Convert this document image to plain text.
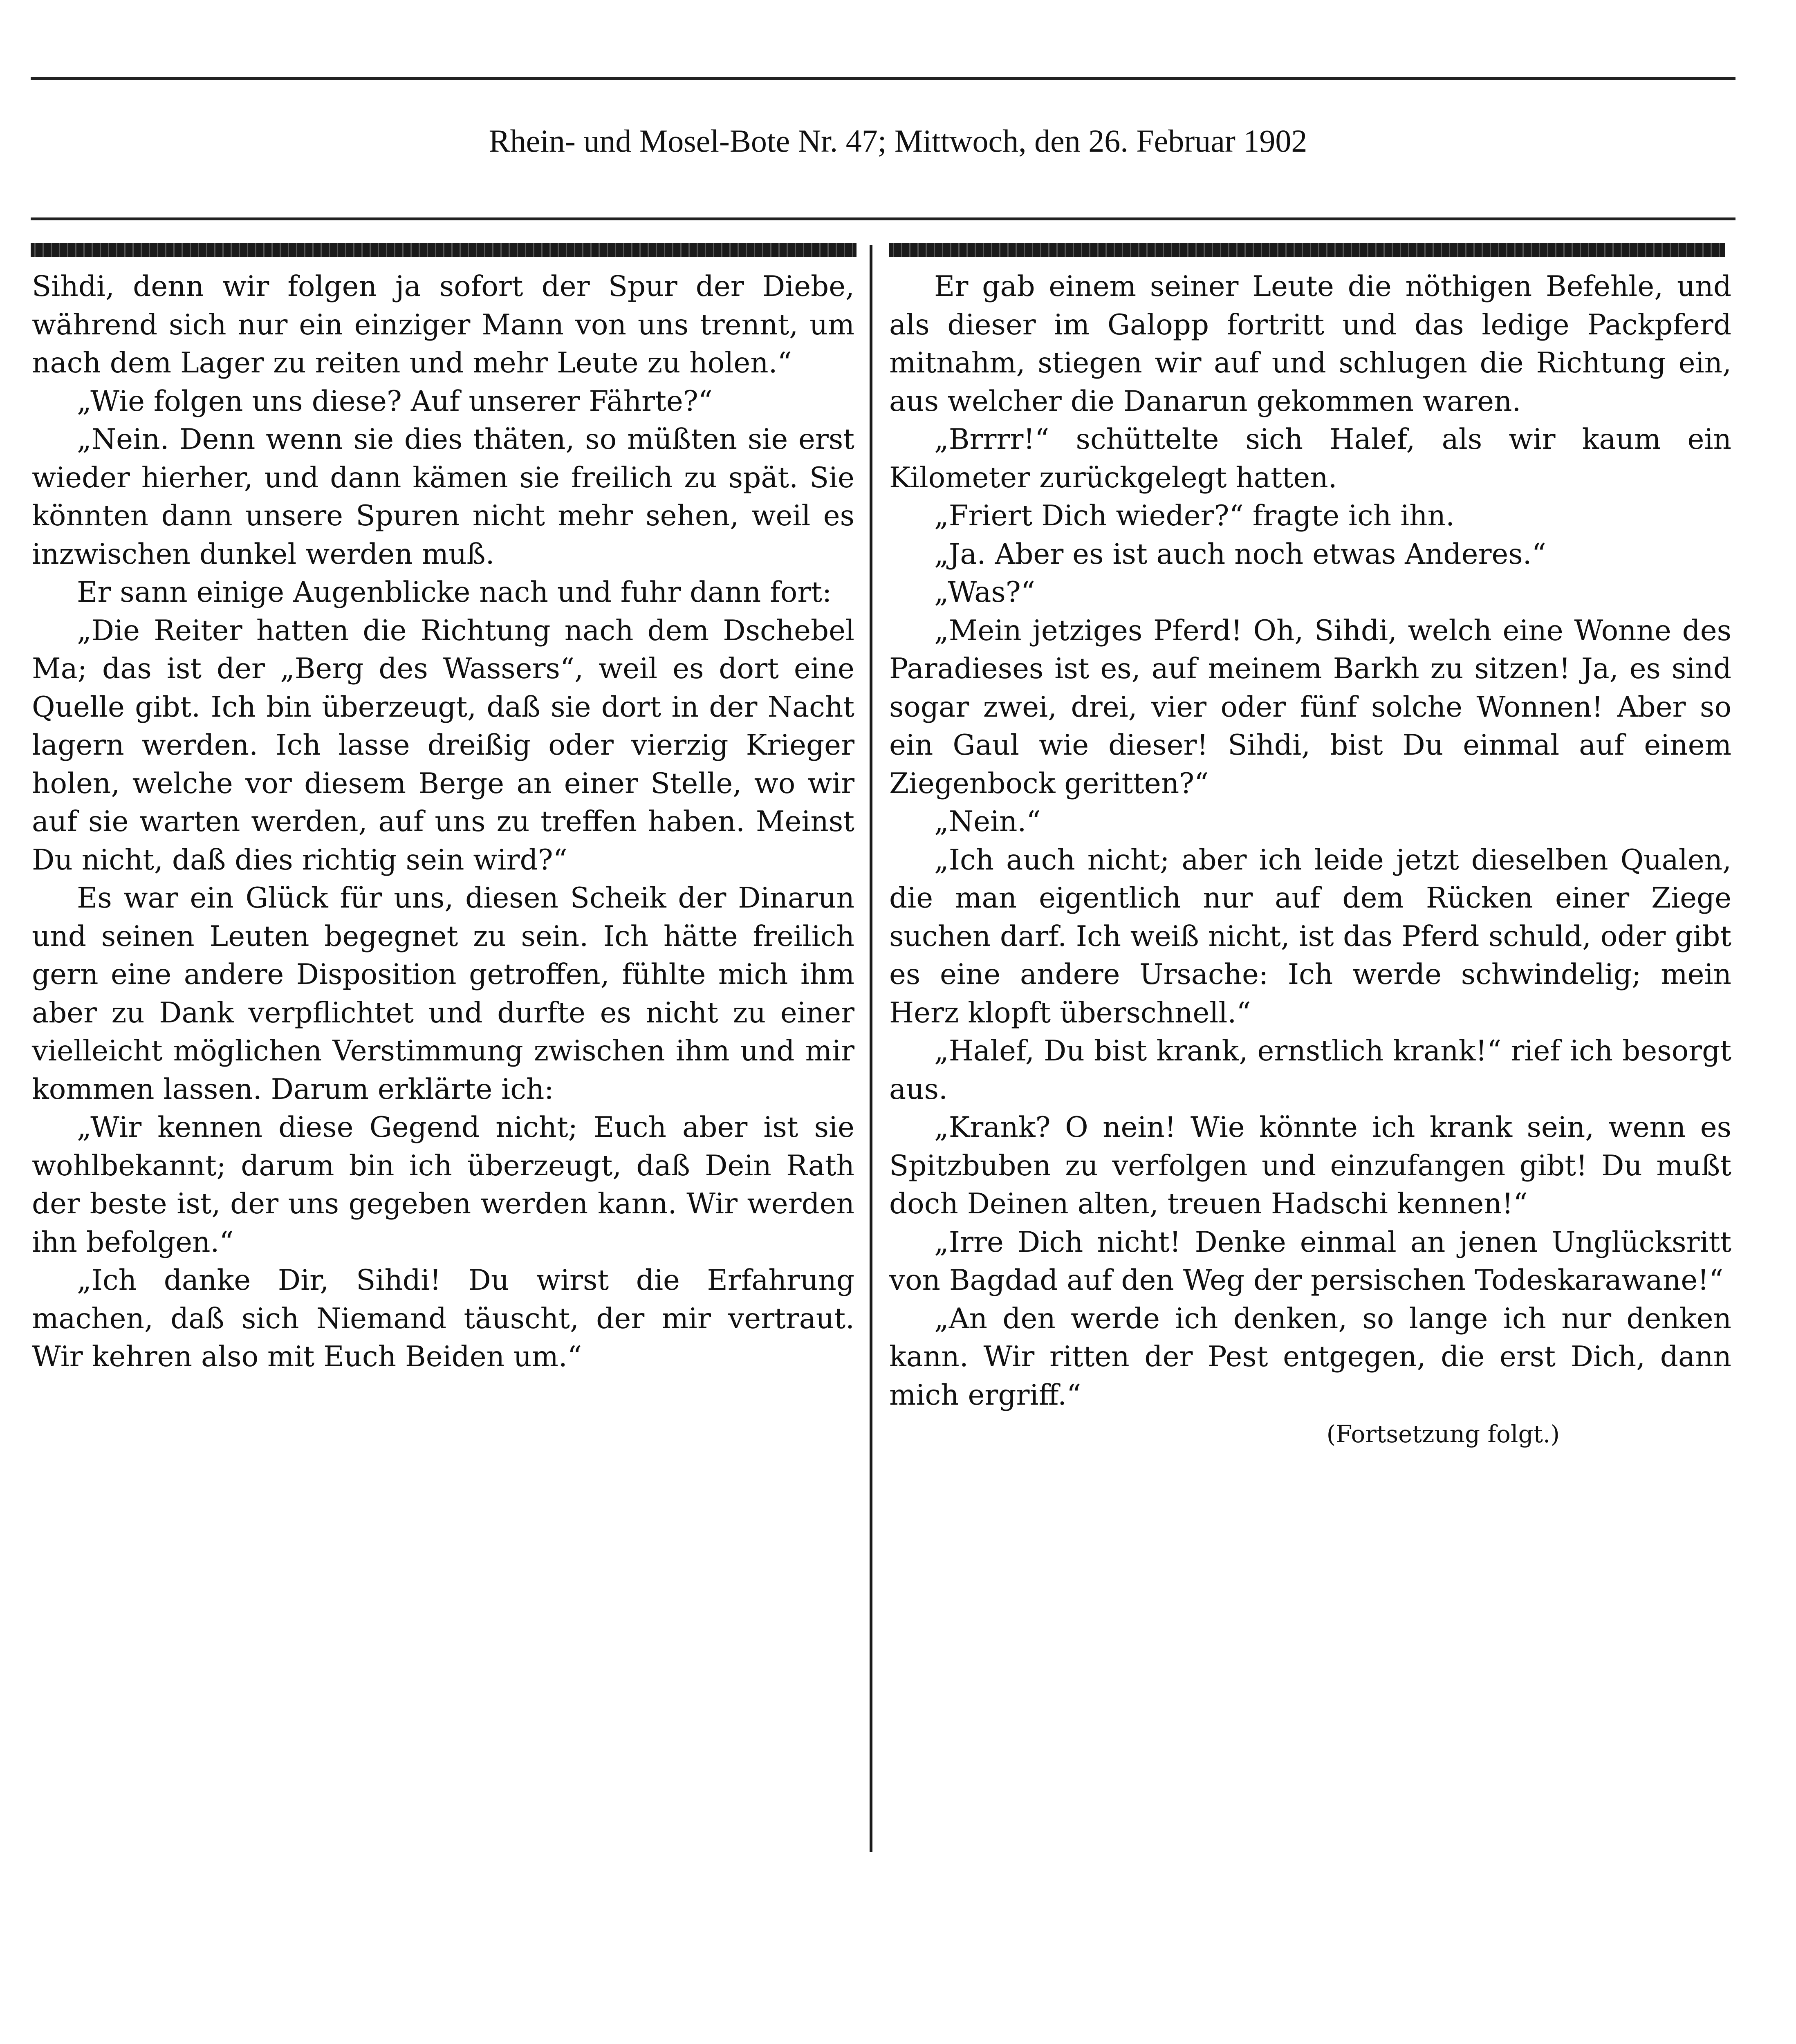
Rhein- und Mosel-Bote Nr. 47; Mittwoch, den 26. Februar 1902

Sihdi, denn wir folgen ja sofort der Spur der Diebe, während sich nur ein einziger Mann von uns trennt, um nach dem Lager zu reiten und mehr Leute zu holen.“

„Wie folgen uns diese? Auf unserer Fährte?“

„Nein. Denn wenn sie dies thäten, so müßten sie erst wieder hierher, und dann kämen sie freilich zu spät. Sie könnten dann unsere Spuren nicht mehr sehen, weil es inzwischen dunkel werden muß.

Er sann einige Augenblicke nach und fuhr dann fort:

„Die Reiter hatten die Richtung nach dem Dschebel Ma; das ist der „Berg des Wassers“, weil es dort eine Quelle gibt. Ich bin überzeugt, daß sie dort in der Nacht lagern werden. Ich lasse dreißig oder vierzig Krieger holen, welche vor diesem Berge an einer Stelle, wo wir auf sie warten werden, auf uns zu treffen haben. Meinst Du nicht, daß dies richtig sein wird?“

Es war ein Glück für uns, diesen Scheik der Dinarun und seinen Leuten begegnet zu sein. Ich hätte freilich gern eine andere Disposition getroffen, fühlte mich ihm aber zu Dank verpflichtet und durfte es nicht zu einer vielleicht möglichen Verstimmung zwischen ihm und mir kommen lassen. Darum erklärte ich:

„Wir kennen diese Gegend nicht; Euch aber ist sie wohlbekannt; darum bin ich überzeugt, daß Dein Rath der beste ist, der uns gegeben werden kann. Wir werden ihn befolgen.“

„Ich danke Dir, Sihdi! Du wirst die Erfahrung machen, daß sich Niemand täuscht, der mir vertraut. Wir kehren also mit Euch Beiden um.“

Er gab einem seiner Leute die nöthigen Befehle, und als dieser im Galopp fortritt und das ledige Packpferd mitnahm, stiegen wir auf und schlugen die Richtung ein, aus welcher die Danarun gekommen waren.

„Brrrr!“ schüttelte sich Halef, als wir kaum ein Kilometer zurückgelegt hatten.

„Friert Dich wieder?“ fragte ich ihn.

„Ja. Aber es ist auch noch etwas Anderes.“

„Was?“

„Mein jetziges Pferd! Oh, Sihdi, welch eine Wonne des Paradieses ist es, auf meinem Barkh zu sitzen! Ja, es sind sogar zwei, drei, vier oder fünf solche Wonnen! Aber so ein Gaul wie dieser! Sihdi, bist Du einmal auf einem Ziegenbock geritten?“

„Nein.“

„Ich auch nicht; aber ich leide jetzt dieselben Qualen, die man eigentlich nur auf dem Rücken einer Ziege suchen darf. Ich weiß nicht, ist das Pferd schuld, oder gibt es eine andere Ursache: Ich werde schwindelig; mein Herz klopft überschnell.“

„Halef, Du bist krank, ernstlich krank!“ rief ich besorgt aus.

„Krank? O nein! Wie könnte ich krank sein, wenn es Spitzbuben zu verfolgen und einzufangen gibt! Du mußt doch Deinen alten, treuen Hadschi kennen!“

„Irre Dich nicht! Denke einmal an jenen Unglücksritt von Bagdad auf den Weg der persischen Todeskarawane!“

„An den werde ich denken, so lange ich nur denken kann. Wir ritten der Pest entgegen, die erst Dich, dann mich ergriff.“

(Fortsetzung folgt.)
